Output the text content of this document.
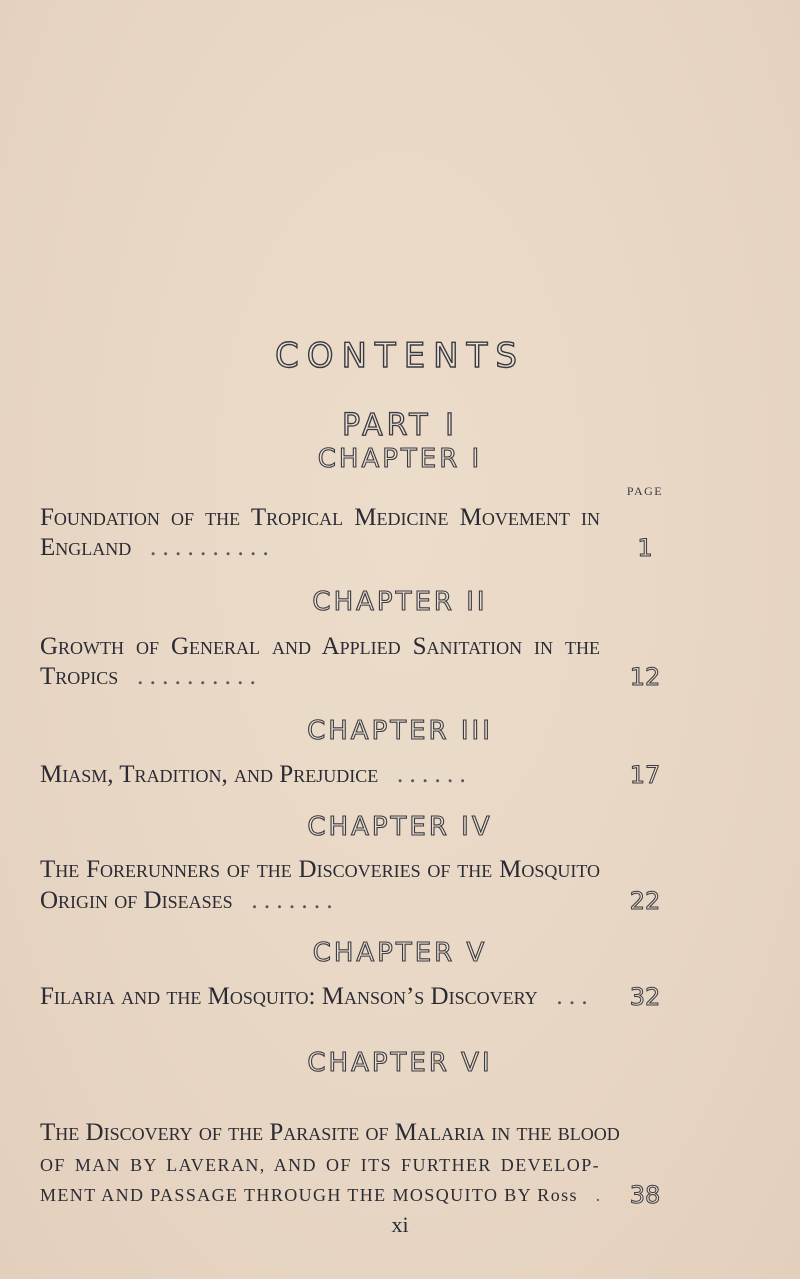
CONTENTS
PART I
PAGE
CHAPTER I
Foundation of the Tropical Medicine Movement in
England . . . . . . . . . .	1
CHAPTER II
Growth of General and Applied Sanitation in the
Tropics . . . . . . . . . .	12
CHAPTER III
Miasm, Tradition, and Prejudice . . . . . .	17
CHAPTER IV
The Forerunners of the Discoveries of the Mosquito
Origin of Diseases . . . . . . .	22
CHAPTER V
Filaria and the Mosquito: Manson’s Discovery . . .	32
CHAPTER VI
The Discovery of the Parasite of Malaria in the blood
OF MAN BY LAVERAN, AND OF ITS FURTHER DEVELOP-
MENT AND PASSAGE THROUGH THE MOSQUITO BY Ross .	38
xi
